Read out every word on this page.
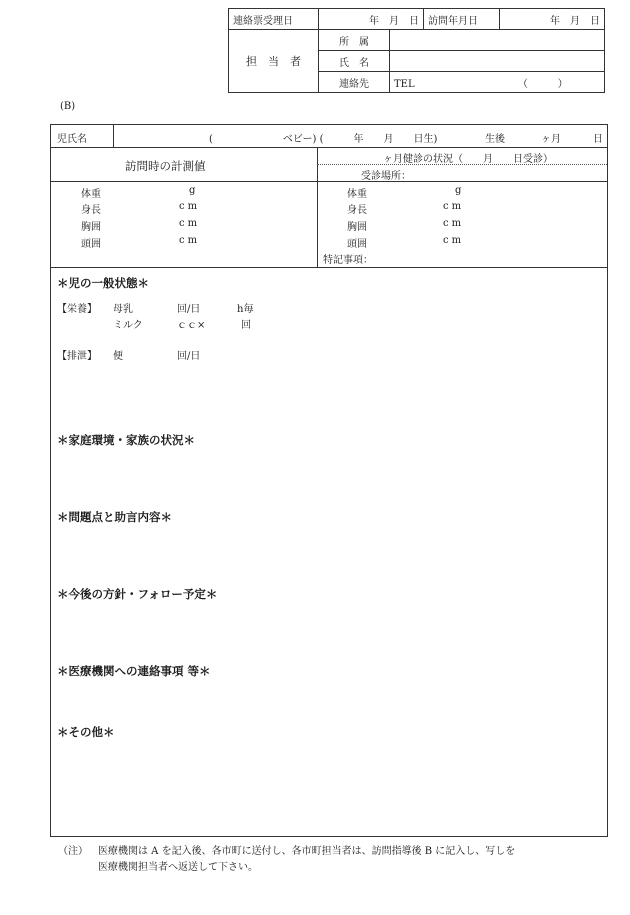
連絡票受理日	年　月　日		訪問年月日	年　月　日
担　当　者	所　属			
	氏　名			
	連絡先	TEL （　　　）		
(B)
児氏名	(　　　　　　　ベビー) (　　　年　　月　　日生)	生後	ヶ月	日
訪問時の計測値	ヶ月健診の状況（　　月　　日受診）
受診場所：
体重	g
身長	cm
胸囲	cm
頭囲	cm
体重	g
身長	cm
胸囲	cm
頭囲	cm
特記事項：
＊児の一般状態＊
【栄養】 母乳	回/日	h毎
ミルク	ｃｃ×	回
【排泄】 便	回/日
＊家庭環境・家族の状況＊
＊問題点と助言内容＊
＊今後の方針・フォロー予定＊
＊医療機関への連絡事項 等＊
＊その他＊
（注） 医療機関は A を記入後、各市町に送付し、各市町担当者は、訪問指導後 B に記入し、写しを
医療機関担当者へ返送して下さい。
